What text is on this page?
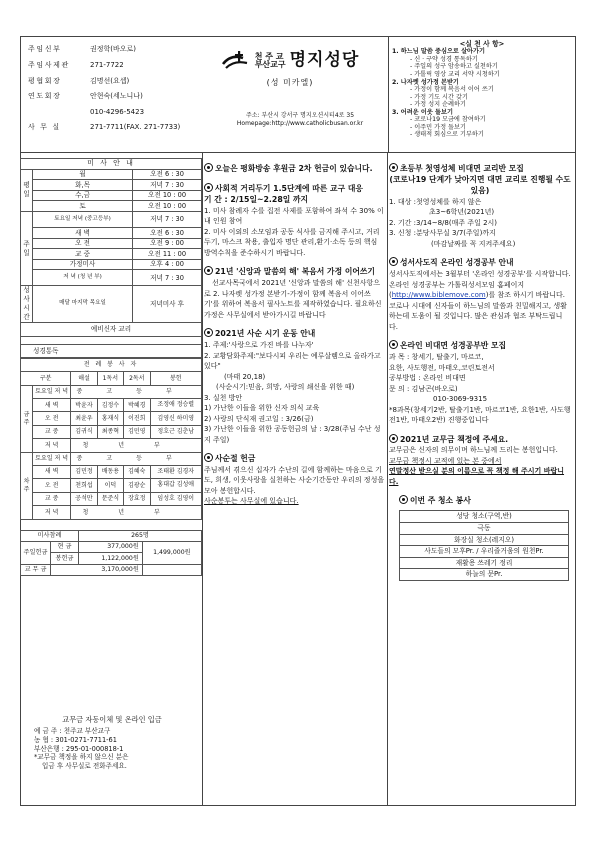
주임신부	권정학(바오로)
주임사제관	271-7722
평협회장	김명선(요셉)
연도회장	안현숙(세노니나)
010-4296-5423
사 무 실	271-7711(FAX. 271-7733)
천 주 교
부산교구 명지성당
(성 미카엘)
주소: 부산시 강서구 명지오션시티4로 35
Homepage:http://www.catholicbusan.or.kr
<실 천 사 항>
1. 하느님 말씀 중심으로 살아가기
- 신 · 구약 성경 통독하기
- 주일의 성구 암송하고 실천하기
- 가톨릭 영상 교리 서약 시청하기
2. 나자렛 성가정 본받기
- 가정이 함께 복음서 이어 쓰기
- 가정 기도 시간 갖기
- 가정 성지 순례하기
3. 어려운 이웃 돌보기
- 코로나19 모금에 참여하기
- 이주민 가정 돌보기
- 생태적 회심으로 기부하기
미 사 안 내		
평 일	월	오전 6 : 30
	화,목	저녁 7 : 30
	수,금	오전 10 : 00
	토	오전 10 : 00
주 일	토요일 저녁 (중고등부)	저녁 7 : 30
	새 벽	오전 6 : 30
	오 전	오전 9 : 00
	교 중	오전 11 : 00
	가정미사	오후 4 : 00
	저 녁 (청 년 부)	저녁 7 : 30
성 사시간	매달 마지막 목요일	저녁미사 후
예비신자 교리		

성경통독		
전 례 봉 사 자					
구분		해설	1독서	2독서	봉헌
금 주	토요일 저 녁	중고등부			
	새 벽	박윤자	김정수	박혜경	조정애 정승렬
	오 전	최윤우	홍재식	이진희	김영신 하미영
	교 중	김귀식	최종혁	김민영	정호근 김춘남
	저 녁	청년부			
차 주	토요일 저 녁	중고등부			
	새 벽	김민정	배동용	김혜숙	조태환 김경자
	오 전	천희섭	이덕	김광순	홍대갑 김성애
	교 중	공석만	문준식	장효정	임성호 김영이
	저 녁	청년부			
미사참례		265명	
주일헌금	현 금	377,000원	1,499,000원
	봉헌금	1,122,000원	
교 무 금	3,170,000원		
교무금 자동이체 및 온라인 입금
예 금 주 : 천주교 부산교구
농 협 : 301-0271-7711-61
부산은행 : 295-01-000818-1
*교무금 책정을 하지 않으신 분은
입금 후 사무실로 전화주세요.
오늘은 평화방송 후원금 2차 헌금이 있습니다.
사회적 거리두기 1.5단계에 따른 교구 대응
기 간 : 2/15일~2.28일 까지
1. 미사 참례자 수를 집전 사제를 포함하여 좌석 수 30% 이내 인원 참여
2. 미사 이외의 소모임과 공동 식사를 금지해 주시고, 거리두기, 마스크 착용, 출입자 명단 관리,환기·소독 등의 핵심 방역수칙을 준수하시기 바랍니다.
21년 '신앙과 말씀의 해' 복음서 가정 이어쓰기
선교사목국에서 2021년 '신앙과 말씀의 해' 신천사항으로 2. 나자렛 성가정 본받기-가정이 함께 복음서 이어쓰기'를 위하여 복음서 필사노트를 제작하였습니다. 필요하신 가정은 사무실에서 받아가시길 바랍니다
2021년 사순 시기 운동 안내
1. 주제:'사랑으로 가진 바를 나누자'
2. 교황담화주제:"보다시피 우리는 예루살렘으로 올라가고 있다"
(마태 20,18)
(사순시기:믿음, 희망, 사랑의 쇄신을 위한 때)
3. 실천 방안
1) 가난한 이들을 위한 신자 의식 교육
2) 사랑의 단식재 권고일 : 3/26(금)
3) 가난한 이들을 위한 공동헌금의 날 : 3/28(주님 수난 성지 주일)
사순절 헌금
주님께서 겪으신 십자가 수난의 길에 함께하는 마음으로 기도, 희생, 이웃사랑을 실천하는 사순기간동안 우리의 정성을 모아 봉헌합시다.
사순봉투는 사무실에 있습니다.
초등부 첫영성체 비대면 교리반 모집
(코로나19 단계가 낮아지면 대면 교리로 진행될 수도 있음)
1. 대상 :첫영성체를 하지 않은
초3~6학년(2021년)
2. 기간 :3/14~8/8(매주 주일 2시)
3. 신청 :분당사무실 3/7(주일)까지
(마감날짜를 꼭 지켜주세요)
성서사도직 온라인 성경공부 안내
성서사도직에서는 3월부터 '온라인 성경공부'를 시작합니다. 온라인 성경공부는 가톨릭성서모임 홈페이지(http://www.biblemove.com)를 참조 하시기 바랍니다. 코로나 시대에 신자들이 하느님의 말씀과 친밀해지고, 생활하는데 도움이 될 것입니다. 많은 관심과 협조 부탁드립니다.
온라인 비대면 성경공부반 모집
과 목 : 창세기, 탈출기, 마르코,
요한, 사도행전, 마태오,코린토전서
공부방법 : 온라인 비대면
문 의 : 김남곤(바오로)
010-3069-9315
*8과목(창세기2반, 탈출기1반, 마르코1반, 요한1반, 사도행전1반, 마태오2반) 진행중입니다
2021년 교무금 책정에 주세요.
교무금은 신자의 의무이며 하느님께 드리는 봉헌입니다.
교무금 책정시 교적에 있는 본 중에서
연말정산 받으실 분의 이름으로 꼭 책정 해 주시기 바랍니다.
이번 주 청소 봉사
성당 청소(구역,반)
극동
화장실 청소(레지오)
사도들의 모후Pr. / 우리즐거움의 원천Pr.
재활용 쓰레기 정리
하늘의 문Pr.
